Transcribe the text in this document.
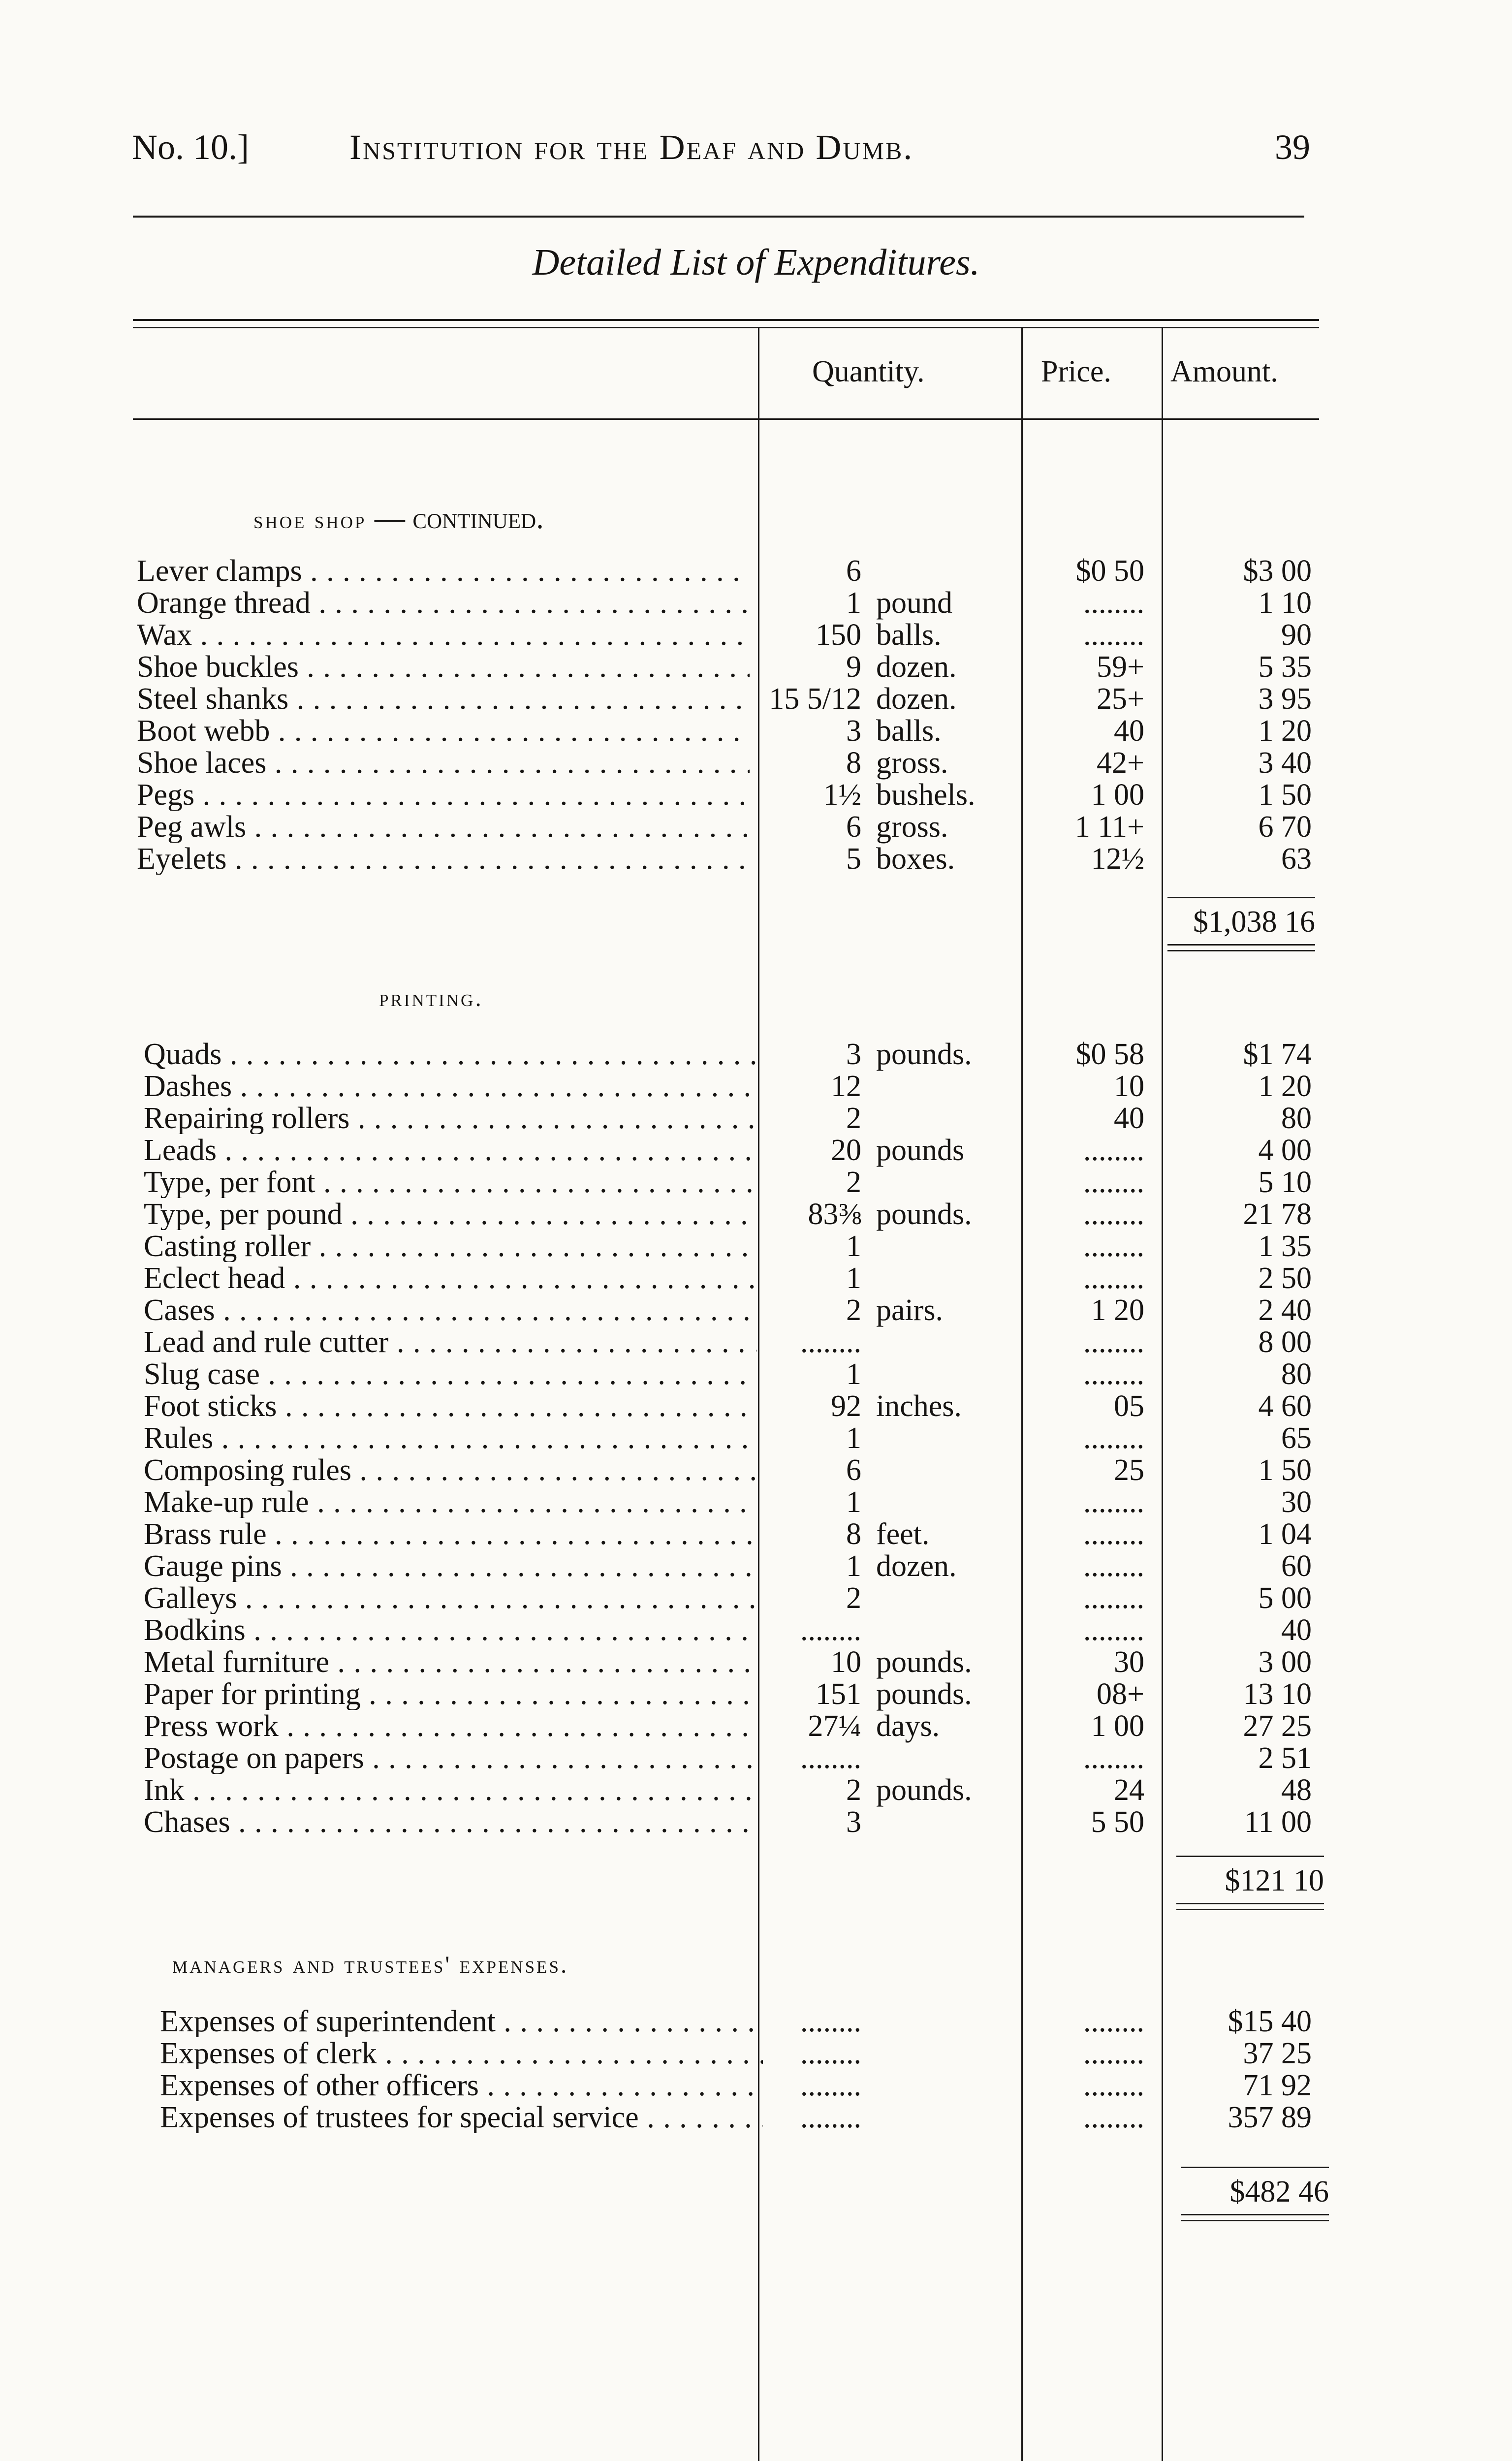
No. 10.]	Institution for the Deaf and Dumb.	39
Detailed List of Expenditures.
Quantity.	Price. Amount.
shoe shop — continued.
printing.
managers and trustees' expenses.
Lever clamps . . .	6	$0 50	$3 00
Orange thread . . .	1 pound	........	1 10
Wax . . .	150 balls.	........	90
Shoe buckles . . .	9 dozen.	59+	5 35
Steel shanks . . .	15 5/12 dozen.	25+	3 95
Boot webb . . .	3 balls.	40	1 20
Shoe laces . . .	8 gross.	42+	3 40
Pegs . . .	1½ bushels.	1 00	1 50
Peg awls . . .	6 gross.	1 11+	6 70
Eyelets . . .	5 boxes.	12½	63
Quads . . .	3 pounds.	$0 58	$1 74
Dashes . . .	12	10	1 20
Repairing rollers . . .	2	40	80
Leads . . .	20 pounds	........	4 00
Type, per font . . .	2	........	5 10
Type, per pound . . .	83⅜ pounds.	........	21 78
Casting roller . . .	1	........	1 35
Eclect head . . .	1	........	2 50
Cases . . .	2 pairs.	1 20	2 40
Lead and rule cutter . . .	........	........	8 00
Slug case . . .	1	........	80
Foot sticks . . .	92 inches.	05	4 60
Rules . . .	1	........	65
Composing rules . . .	6	25	1 50
Make-up rule . . .	1	........	30
Brass rule . . .	8 feet.	........	1 04
Gauge pins . . .	1 dozen.	........	60
Galleys . . .	2	........	5 00
Bodkins . . .	........	........	40
Metal furniture . . .	10 pounds.	30	3 00
Paper for printing . . .	151 pounds.	08+	13 10
Press work . . .	27¼ days.	1 00	27 25
Postage on papers . . .	........	........	2 51
Ink . . .	2 pounds.	24	48
Chases . . .	3	5 50	11 00
Expenses of superintendent . . .	........	........	$15 40
Expenses of clerk . . .	........	........	37 25
Expenses of other officers . . .	........	........	71 92
Expenses of trustees for special service . . .	........	........	357 89
$1,038 16
$121 10
$482 46
